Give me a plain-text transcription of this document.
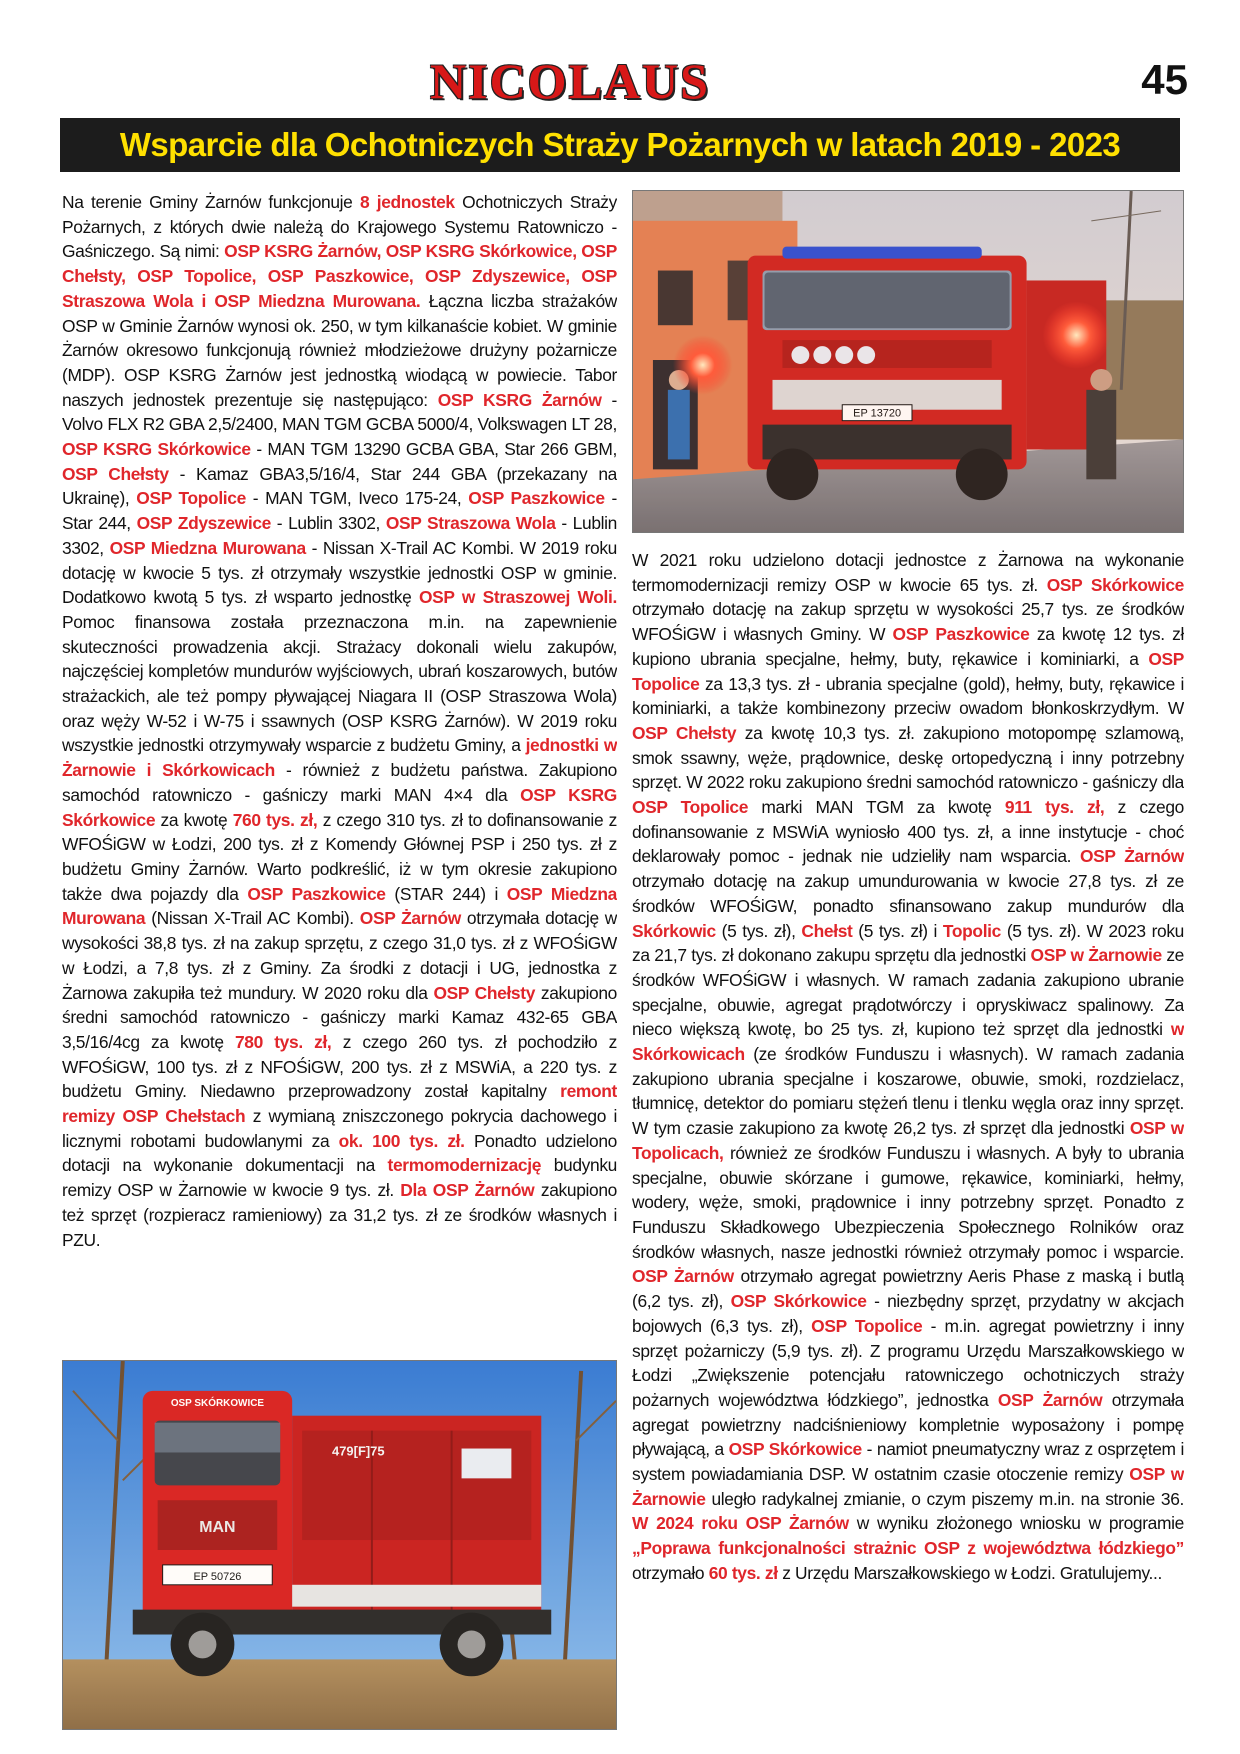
NICOLAUS	45
Wsparcie dla Ochotniczych Straży Pożarnych w latach 2019 - 2023

Na terenie Gminy Żarnów funkcjonuje 8 jednostek Ochotniczych Straży Pożarnych, z których dwie należą do Krajowego Systemu Ratowniczo - Gaśniczego. Są nimi: OSP KSRG Żarnów, OSP KSRG Skórkowice, OSP Chełsty, OSP Topolice, OSP Paszkowice, OSP Zdyszewice, OSP Straszowa Wola i OSP Miedzna Murowana. Łączna liczba strażaków OSP w Gminie Żarnów wynosi ok. 250, w tym kilkanaście kobiet. W gminie Żarnów okresowo funkcjonują również młodzieżowe drużyny pożarnicze (MDP). OSP KSRG Żarnów jest jednostką wiodącą w powiecie. Tabor naszych jednostek prezentuje się następująco: OSP KSRG Żarnów - Volvo FLX R2 GBA 2,5/2400, MAN TGM GCBA 5000/4, Volkswagen LT 28, OSP KSRG Skórkowice - MAN TGM 13290 GCBA GBA, Star 266 GBM, OSP Chełsty - Kamaz GBA3,5/16/4, Star 244 GBA (przekazany na Ukrainę), OSP Topolice - MAN TGM, Iveco 175-24, OSP Paszkowice - Star 244, OSP Zdyszewice - Lublin 3302, OSP Straszowa Wola - Lublin 3302, OSP Miedzna Murowana - Nissan X-Trail AC Kombi. W 2019 roku dotację w kwocie 5 tys. zł otrzymały wszystkie jednostki OSP w gminie. Dodatkowo kwotą 5 tys. zł wsparto jednostkę OSP w Straszowej Woli. Pomoc finansowa została przeznaczona m.in. na zapewnienie skuteczności prowadzenia akcji. Strażacy dokonali wielu zakupów, najczęściej kompletów mundurów wyjściowych, ubrań koszarowych, butów strażackich, ale też pompy pływającej Niagara II (OSP Straszowa Wola) oraz węży W-52 i W-75 i ssawnych (OSP KSRG Żarnów). W 2019 roku wszystkie jednostki otrzymywały wsparcie z budżetu Gminy, a jednostki w Żarnowie i Skórkowicach - również z budżetu państwa. Zakupiono samochód ratowniczo - gaśniczy marki MAN 4×4 dla OSP KSRG Skórkowice za kwotę 760 tys. zł, z czego 310 tys. zł to dofinansowanie z WFOŚiGW w Łodzi, 200 tys. zł z Komendy Głównej PSP i 250 tys. zł z budżetu Gminy Żarnów. Warto podkreślić, iż w tym okresie zakupiono także dwa pojazdy dla OSP Paszkowice (STAR 244) i OSP Miedzna Murowana (Nissan X-Trail AC Kombi). OSP Żarnów otrzymała dotację w wysokości 38,8 tys. zł na zakup sprzętu, z czego 31,0 tys. zł z WFOŚiGW w Łodzi, a 7,8 tys. zł z Gminy. Za środki z dotacji i UG, jednostka z Żarnowa zakupiła też mundury. W 2020 roku dla OSP Chełsty zakupiono średni samochód ratowniczo - gaśniczy marki Kamaz 432-65 GBA 3,5/16/4cg za kwotę 780 tys. zł, z czego 260 tys. zł pochodziło z WFOŚiGW, 100 tys. zł z NFOŚiGW, 200 tys. zł z MSWiA, a 220 tys. z budżetu Gminy. Niedawno przeprowadzony został kapitalny remont remizy OSP Chełstach z wymianą zniszczonego pokrycia dachowego i licznymi robotami budowlanymi za ok. 100 tys. zł. Ponadto udzielono dotacji na wykonanie dokumentacji na termomodernizację budynku remizy OSP w Żarnowie w kwocie 9 tys. zł. Dla OSP Żarnów zakupiono też sprzęt (rozpieracz ramieniowy) za 31,2 tys. zł ze środków własnych i PZU.

EP 13720

W 2021 roku udzielono dotacji jednostce z Żarnowa na wykonanie termomodernizacji remizy OSP w kwocie 65 tys. zł. OSP Skórkowice otrzymało dotację na zakup sprzętu w wysokości 25,7 tys. ze środków WFOŚiGW i własnych Gminy. W OSP Paszkowice za kwotę 12 tys. zł kupiono ubrania specjalne, hełmy, buty, rękawice i kominiarki, a OSP Topolice za 13,3 tys. zł - ubrania specjalne (gold), hełmy, buty, rękawice i kominiarki, a także kombinezony przeciw owadom błonkoskrzydłym. W OSP Chełsty za kwotę 10,3 tys. zł. zakupiono motopompę szlamową, smok ssawny, węże, prądownice, deskę ortopedyczną i inny potrzebny sprzęt. W 2022 roku zakupiono średni samochód ratowniczo - gaśniczy dla OSP Topolice marki MAN TGM za kwotę 911 tys. zł, z czego dofinansowanie z MSWiA wyniosło 400 tys. zł, a inne instytucje - choć deklarowały pomoc - jednak nie udzieliły nam wsparcia. OSP Żarnów otrzymało dotację na zakup umundurowania w kwocie 27,8 tys. zł ze środków WFOŚiGW, ponadto sfinansowano zakup mundurów dla Skórkowic (5 tys. zł), Chełst (5 tys. zł) i Topolic (5 tys. zł). W 2023 roku za 21,7 tys. zł dokonano zakupu sprzętu dla jednostki OSP w Żarnowie ze środków WFOŚiGW i własnych. W ramach zadania zakupiono ubranie specjalne, obuwie, agregat prądotwórczy i opryskiwacz spalinowy. Za nieco większą kwotę, bo 25 tys. zł, kupiono też sprzęt dla jednostki w Skórkowicach (ze środków Funduszu i własnych). W ramach zadania zakupiono ubrania specjalne i koszarowe, obuwie, smoki, rozdzielacz, tłumnicę, detektor do pomiaru stężeń tlenu i tlenku węgla oraz inny sprzęt. W tym czasie zakupiono za kwotę 26,2 tys. zł sprzęt dla jednostki OSP w Topolicach, również ze środków Funduszu i własnych. A były to ubrania specjalne, obuwie skórzane i gumowe, rękawice, kominiarki, hełmy, wodery, węże, smoki, prądownice i inny potrzebny sprzęt. Ponadto z Funduszu Składkowego Ubezpieczenia Społecznego Rolników oraz środków własnych, nasze jednostki również otrzymały pomoc i wsparcie. OSP Żarnów otrzymało agregat powietrzny Aeris Phase z maską i butlą (6,2 tys. zł), OSP Skórkowice - niezbędny sprzęt, przydatny w akcjach bojowych (6,3 tys. zł), OSP Topolice - m.in. agregat powietrzny i inny sprzęt pożarniczy (5,9 tys. zł). Z programu Urzędu Marszałkowskiego w Łodzi „Zwiększenie potencjału ratowniczego ochotniczych straży pożarnych województwa łódzkiego”, jednostka OSP Żarnów otrzymała agregat powietrzny nadciśnieniowy kompletnie wyposażony i pompę pływającą, a OSP Skórkowice - namiot pneumatyczny wraz z osprzętem i system powiadamiania DSP. W ostatnim czasie otoczenie remizy OSP w Żarnowie uległo radykalnej zmianie, o czym piszemy m.in. na stronie 36. W 2024 roku OSP Żarnów w wyniku złożonego wniosku w programie „Poprawa funkcjonalności strażnic OSP z województwa łódzkiego” otrzymało 60 tys. zł z Urzędu Marszałkowskiego w Łodzi. Gratulujemy...

OSP SKÓRKOWICE
MAN
EP 50726
479[F]75
